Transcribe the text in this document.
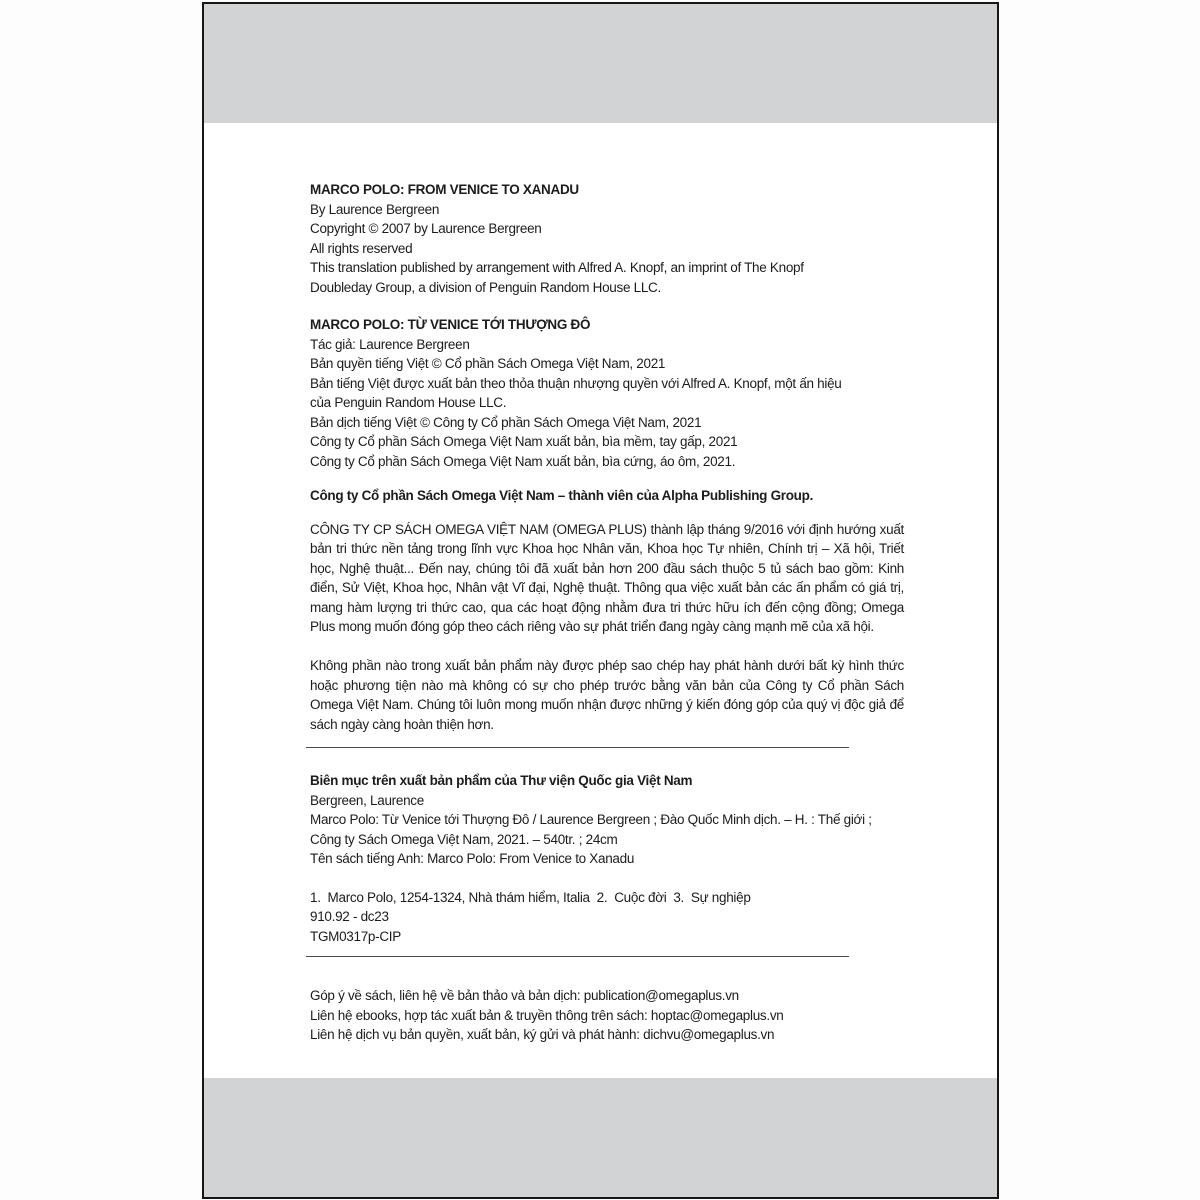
MARCO POLO: FROM VENICE TO XANADU
By Laurence Bergreen
Copyright © 2007 by Laurence Bergreen
All rights reserved
This translation published by arrangement with Alfred A. Knopf, an imprint of The Knopf
Doubleday Group, a division of Penguin Random House LLC.
MARCO POLO: TỪ VENICE TỚI THƯỢNG ĐÔ
Tác giả: Laurence Bergreen
Bản quyền tiếng Việt © Cổ phần Sách Omega Việt Nam, 2021
Bản tiếng Việt được xuất bản theo thỏa thuận nhượng quyền với Alfred A. Knopf, một ấn hiệu
của Penguin Random House LLC.
Bản dịch tiếng Việt © Công ty Cổ phần Sách Omega Việt Nam, 2021
Công ty Cổ phần Sách Omega Việt Nam xuất bản, bìa mềm, tay gấp, 2021
Công ty Cổ phần Sách Omega Việt Nam xuất bản, bìa cứng, áo ôm, 2021.
Công ty Cổ phần Sách Omega Việt Nam – thành viên của Alpha Publishing Group.

CÔNG TY CP SÁCH OMEGA VIỆT NAM (OMEGA PLUS) thành lập tháng 9/2016 với định hướng xuất bản tri thức nền tảng trong lĩnh vực Khoa học Nhân văn, Khoa học Tự nhiên, Chính trị – Xã hội, Triết học, Nghệ thuật... Đến nay, chúng tôi đã xuất bản hơn 200 đầu sách thuộc 5 tủ sách bao gồm: Kinh điển, Sử Việt, Khoa học, Nhân vật Vĩ đại, Nghệ thuật. Thông qua việc xuất bản các ấn phẩm có giá trị, mang hàm lượng tri thức cao, qua các hoạt động nhằm đưa tri thức hữu ích đến cộng đồng; Omega Plus mong muốn đóng góp theo cách riêng vào sự phát triển đang ngày càng mạnh mẽ của xã hội.

Không phần nào trong xuất bản phẩm này được phép sao chép hay phát hành dưới bất kỳ hình thức hoặc phương tiện nào mà không có sự cho phép trước bằng văn bản của Công ty Cổ phần Sách Omega Việt Nam. Chúng tôi luôn mong muốn nhận được những ý kiến đóng góp của quý vị độc giả để sách ngày càng hoàn thiện hơn.

Biên mục trên xuất bản phẩm của Thư viện Quốc gia Việt Nam
Bergreen, Laurence
Marco Polo: Từ Venice tới Thượng Đô / Laurence Bergreen ; Đào Quốc Minh dịch. – H. : Thế giới ;
Công ty Sách Omega Việt Nam, 2021. – 540tr. ; 24cm
Tên sách tiếng Anh: Marco Polo: From Venice to Xanadu
1.  Marco Polo, 1254-1324, Nhà thám hiểm, Italia  2.  Cuộc đời  3.  Sự nghiệp
910.92 - dc23
TGM0317p-CIP
Góp ý về sách, liên hệ về bản thảo và bản dịch: publication@omegaplus.vn
Liên hệ ebooks, hợp tác xuất bản & truyền thông trên sách: hoptac@omegaplus.vn
Liên hệ dịch vụ bản quyền, xuất bản, ký gửi và phát hành: dichvu@omegaplus.vn
